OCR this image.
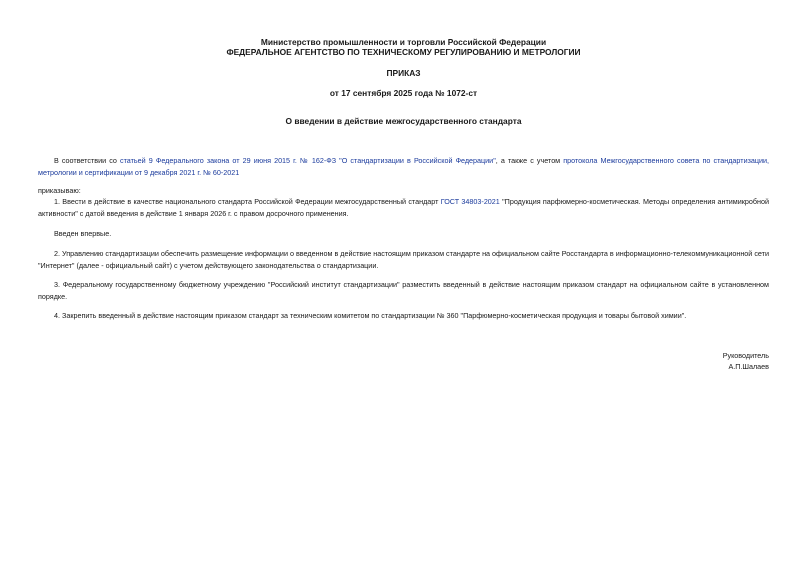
Министерство промышленности и торговли Российской Федерации
ФЕДЕРАЛЬНОЕ АГЕНТСТВО ПО ТЕХНИЧЕСКОМУ РЕГУЛИРОВАНИЮ И МЕТРОЛОГИИ
ПРИКАЗ
от 17 сентября 2025 года № 1072-ст
О введении в действие межгосударственного стандарта
В соответствии со статьей 9 Федерального закона от 29 июня 2015 г. № 162-ФЗ "О стандартизации в Российской Федерации", а также с учетом протокола Межгосударственного совета по стандартизации, метрологии и сертификации от 9 декабря 2021 г. № 60-2021
приказываю:
1. Ввести в действие в качестве национального стандарта Российской Федерации межгосударственный стандарт ГОСТ 34803-2021 "Продукция парфюмерно-косметическая. Методы определения антимикробной активности" с датой введения в действие 1 января 2026 г. с правом досрочного применения.
Введен впервые.
2. Управлению стандартизации обеспечить размещение информации о введенном в действие настоящим приказом стандарте на официальном сайте Росстандарта в информационно-телекоммуникационной сети "Интернет" (далее - официальный сайт) с учетом действующего законодательства о стандартизации.
3. Федеральному государственному бюджетному учреждению "Российский институт стандартизации" разместить введенный в действие настоящим приказом стандарт на официальном сайте в установленном порядке.
4. Закрепить введенный в действие настоящим приказом стандарт за техническим комитетом по стандартизации № 360 "Парфюмерно-косметическая продукция и товары бытовой химии".
Руководитель
А.П.Шалаев
